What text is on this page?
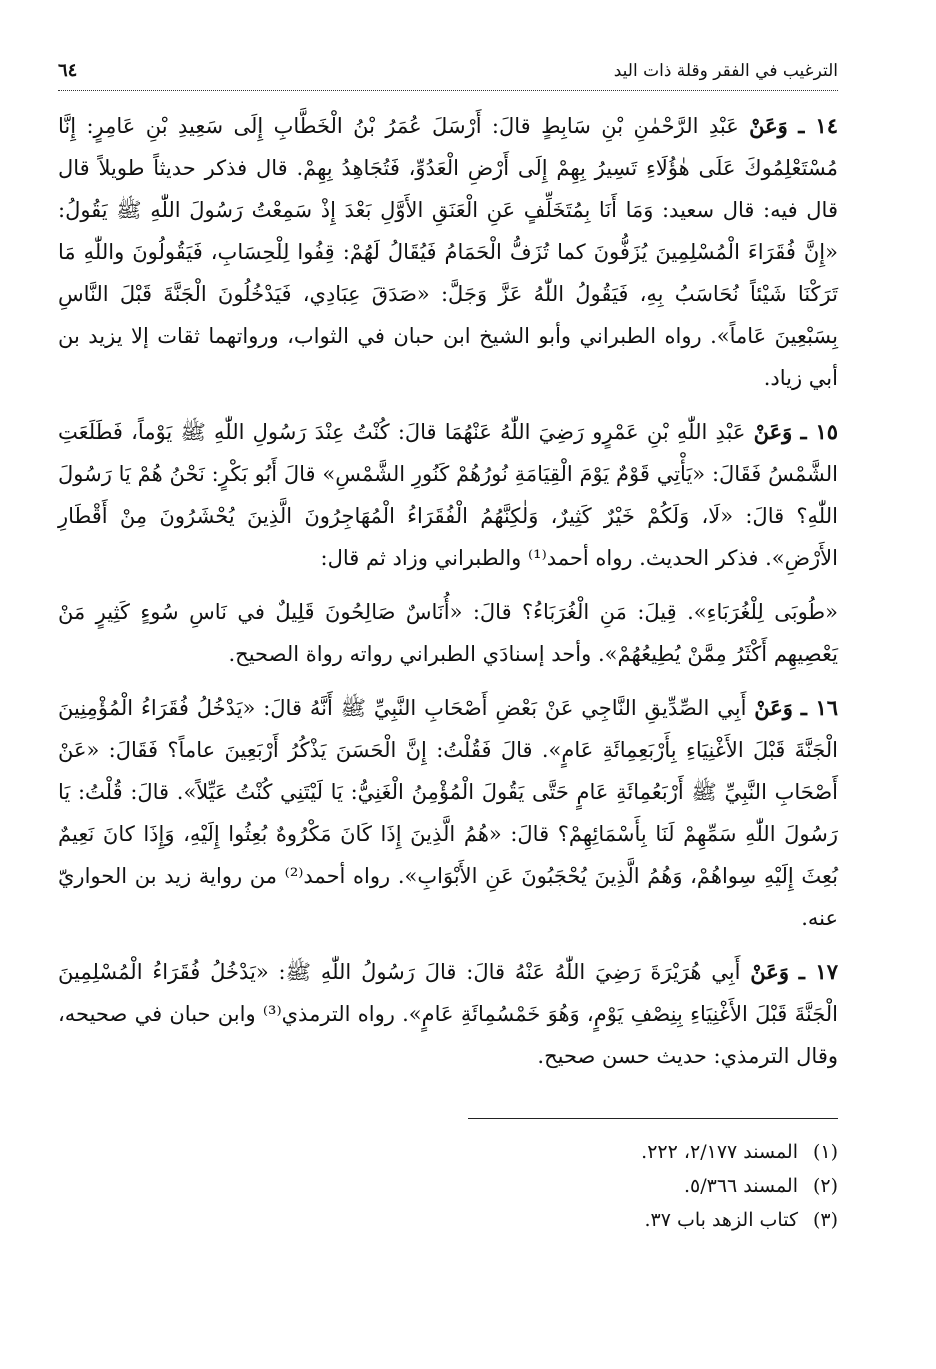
الترغيب في الفقر وقلة ذات اليد
٦٤

١٤ ـ وَعَنْ عَبْدِ الرَّحْمٰنِ بْنِ سَابِطٍ قالَ: أَرْسَلَ عُمَرُ بْنُ الْخَطَّابِ إِلَى سَعِيدِ بْنِ عَامِرٍ: إِنَّا مُسْتَعْلِمُوكَ عَلَى هٰؤُلَاءِ تَسِيرُ بِهِمْ إِلَى أَرْضِ الْعَدُوِّ، فَتُجَاهِدُ بِهِمْ. قال فذكر حديثاً طويلاً قال قال فيه: قال سعيد: وَمَا أَنَا بِمُتَخَلِّفٍ عَنِ الْعَنَقِ الأَوَّلِ بَعْدَ إِذْ سَمِعْتُ رَسُولَ اللّٰهِ ﷺ يَقُولُ: «إِنَّ فُقَرَاءَ الْمُسْلِمِينَ يُزَفُّونَ كما تُزَفُّ الْحَمَامُ فَيُقَالُ لَهُمْ: قِفُوا لِلْحِسَابِ، فَيَقُولُونَ واللّٰهِ مَا تَرَكْنَا شَيْئاً نُحَاسَبُ بِهِ، فَيَقُولُ اللّٰهُ عَزَّ وَجَلَّ: «صَدَقَ عِبَادِي، فَيَدْخُلُونَ الْجَنَّةَ قَبْلَ النَّاسِ بِسَبْعِينَ عَاماً». رواه الطبراني وأبو الشيخ ابن حبان في الثواب، ورواتهما ثقات إلا يزيد بن أبي زياد.

١٥ ـ وَعَنْ عَبْدِ اللّٰهِ بْنِ عَمْرٍو رَضِيَ اللّٰهُ عَنْهُمَا قالَ: كُنْتُ عِنْدَ رَسُولِ اللّٰهِ ﷺ يَوْماً، فَطَلَعَتِ الشَّمْسُ فَقَالَ: «يَأْتِي قَوْمٌ يَوْمَ الْقِيَامَةِ نُورُهُمْ كَنُورِ الشَّمْسِ» قالَ أَبُو بَكْرٍ: نَحْنُ هُمْ يَا رَسُولَ اللّٰهِ؟ قالَ: «لَا، وَلَكُمْ خَيْرٌ كَثِيرٌ، وَلٰكِنَّهُمُ الْفُقَرَاءُ الْمُهَاجِرُونَ الَّذِينَ يُحْشَرُونَ مِنْ أَقْطَارِ الأَرْضِ». فذكر الحديث. رواه أحمد⁽¹⁾ والطبراني وزاد ثم قال:

«طُوبَى لِلْغُرَبَاءِ». قِيلَ: مَنِ الْغُرَبَاءُ؟ قالَ: «أُنَاسٌ صَالِحُونَ قَلِيلٌ في نَاسِ سُوءٍ كَثِيرٍ مَنْ يَعْصِيهِم أَكْثَرُ مِمَّنْ يُطِيعُهُمْ». وأحد إسنادَي الطبراني رواته رواة الصحيح.

١٦ ـ وَعَنْ أَبِي الصِّدِّيقِ النَّاجِي عَنْ بَعْضِ أَصْحَابِ النَّبِيِّ ﷺ أَنَّهُ قالَ: «يَدْخُلُ فُقَرَاءُ الْمُؤْمِنِينَ الْجَنَّةَ قَبْلَ الأَغْنِيَاءِ بِأَرْبَعِمِائَةِ عَامٍ». قالَ فَقُلْتُ: إِنَّ الْحَسَنَ يَذْكُرُ أَرْبَعِينَ عاماً؟ فَقَالَ: «عَنْ أَصْحَابِ النَّبِيِّ ﷺ أَرْبَعُمِائَةِ عَامٍ حَتَّى يَقُولَ الْمُؤْمِنُ الْغَنِيُّ: يَا لَيْتَنِي كُنْتُ عَيِّلاً». قالَ: قُلْتُ: يَا رَسُولَ اللّٰهِ سَمِّهِمْ لَنَا بِأَسْمَائِهِمْ؟ قالَ: «هُمُ الَّذِينَ إِذَا كَانَ مَكْرُوهٌ بُعِثُوا إِلَيْهِ، وَإِذَا كانَ نَعِيمٌ بُعِثَ إِلَيْهِ سِواهُمْ، وَهُمُ الَّذِينَ يُحْجَبُونَ عَنِ الأَبْوَابِ». رواه أحمد⁽²⁾ من رواية زيد بن الحواريّ عنه.

١٧ ـ وَعَنْ أَبِي هُرَيْرَةَ رَضِيَ اللّٰهُ عَنْهُ قالَ: قالَ رَسُولُ اللّٰهِ ﷺ: «يَدْخُلُ فُقَرَاءُ الْمُسْلِمِينَ الْجَنَّةَ قَبْلَ الأَغْنِيَاءِ بِنِصْفِ يَوْمٍ، وَهُوَ خَمْسُمِائَةِ عَامٍ». رواه الترمذي⁽³⁾ وابن حبان في صحيحه، وقال الترمذي: حديث حسن صحيح.

(١)
المسند ٢/١٧٧، ٢٢٢.
(٢)
المسند ٥/٣٦٦.
(٣)
كتاب الزهد باب ٣٧.
